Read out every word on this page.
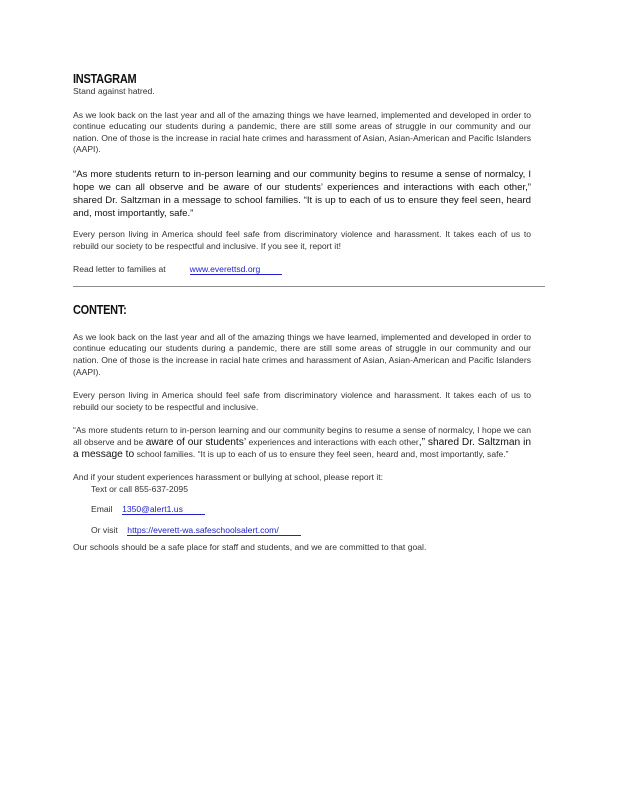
INSTAGRAM

Stand against hatred.

As we look back on the last year and all of the amazing things we have learned, implemented and developed in order to continue educating our students during a pandemic, there are still some areas of struggle in our community and our nation. One of those is the increase in racial hate crimes and harassment of Asian, Asian-American and Pacific Islanders (AAPI).

“As more students return to in-person learning and our community begins to resume a sense of normalcy, I hope we can all observe and be aware of our students’ experiences and interactions with each other,” shared Dr. Saltzman in a message to school families. “It is up to each of us to ensure they feel seen, heard and, most importantly, safe.”

Every person living in America should feel safe from discriminatory violence and harassment. It takes each of us to rebuild our society to be respectful and inclusive. If you see it, report it!

Read letter to families at	www.everettsd.org

CONTENT:

As we look back on the last year and all of the amazing things we have learned, implemented and developed in order to continue educating our students during a pandemic, there are still some areas of struggle in our community and our nation. One of those is the increase in racial hate crimes and harassment of Asian, Asian-American and Pacific Islanders (AAPI).

Every person living in America should feel safe from discriminatory violence and harassment. It takes each of us to rebuild our society to be respectful and inclusive.

“As more students return to in-person learning and our community begins to resume a sense of normalcy, I hope we can all observe and be aware of our students’ experiences and interactions with each other,” shared Dr. Saltzman in a message to school families. “It is up to each of us to ensure they feel seen, heard and, most importantly, safe.”

And if your student experiences harassment or bullying at school, please report it:

Text or call 855-637-2095

Email 1350@alert1.us

Or visit https://everett-wa.safeschoolsalert.com/

Our schools should be a safe place for staff and students, and we are committed to that goal.
